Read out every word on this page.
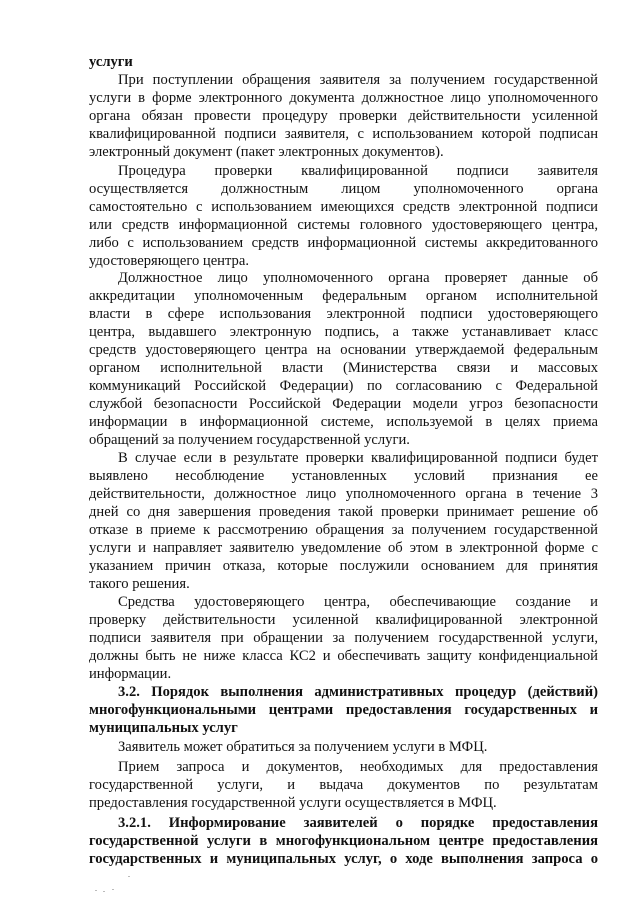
услуги
При поступлении обращения заявителя за получением государственной
услуги в форме электронного документа должностное лицо уполномоченного
органа обязан провести процедуру проверки действительности усиленной
квалифицированной подписи заявителя, с использованием которой подписан
электронный документ (пакет электронных документов).
Процедура проверки квалифицированной подписи заявителя
осуществляется должностным лицом уполномоченного органа
самостоятельно с использованием имеющихся средств электронной подписи
или средств информационной системы головного удостоверяющего центра,
либо с использованием средств информационной системы аккредитованного
удостоверяющего центра.
Должностное лицо уполномоченного органа проверяет данные об
аккредитации уполномоченным федеральным органом исполнительной
власти в сфере использования электронной подписи удостоверяющего
центра, выдавшего электронную подпись, а также устанавливает класс
средств удостоверяющего центра на основании утверждаемой федеральным
органом исполнительной власти (Министерства связи и массовых
коммуникаций Российской Федерации) по согласованию с Федеральной
службой безопасности Российской Федерации модели угроз безопасности
информации в информационной системе, используемой в целях приема
обращений за получением государственной услуги.
В случае если в результате проверки квалифицированной подписи будет
выявлено несоблюдение установленных условий признания ее
действительности, должностное лицо уполномоченного органа в течение 3
дней со дня завершения проведения такой проверки принимает решение об
отказе в приеме к рассмотрению обращения за получением государственной
услуги и направляет заявителю уведомление об этом в электронной форме с
указанием причин отказа, которые послужили основанием для принятия
такого решения.
Средства удостоверяющего центра, обеспечивающие создание и
проверку действительности усиленной квалифицированной электронной
подписи заявителя при обращении за получением государственной услуги,
должны быть не ниже класса КС2 и обеспечивать защиту конфиденциальной
информации.
3.2. Порядок выполнения административных процедур (действий)
многофункциональными центрами предоставления государственных и
муниципальных услуг
Заявитель может обратиться за получением услуги в МФЦ.
Прием запроса и документов, необходимых для предоставления
государственной услуги, и выдача документов по результатам
предоставления государственной услуги осуществляется в МФЦ.
3.2.1. Информирование заявителей о порядке предоставления
государственной услуги в многофункциональном центре предоставления
государственных и муниципальных услуг, о ходе выполнения запроса о
